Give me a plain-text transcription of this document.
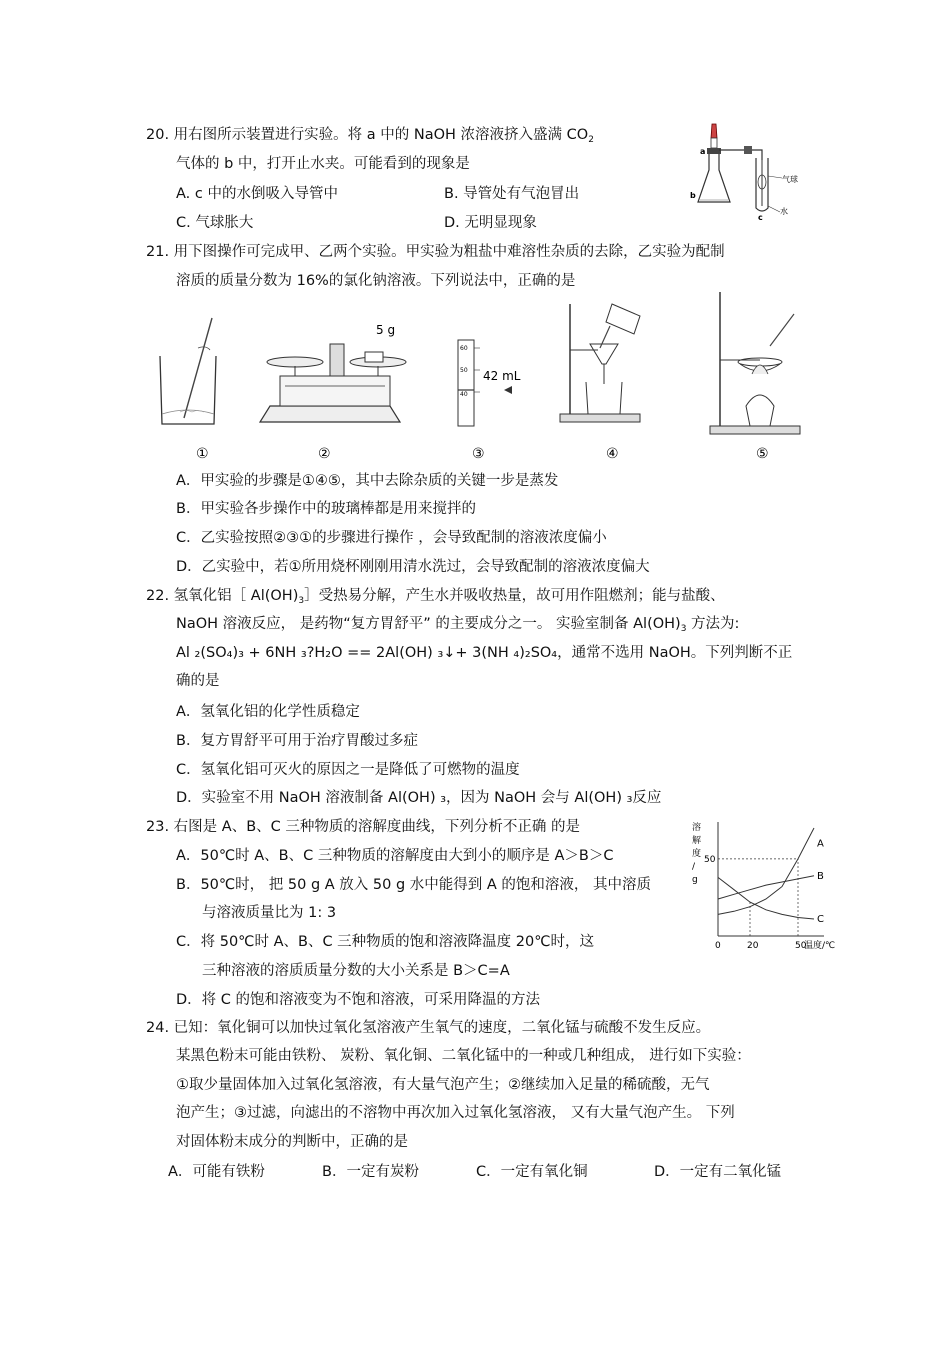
20. 用右图所示装置进行实验。将 a 中的 NaOH 浓溶液挤入盛满 $CO_2$
气体的 b 中，打开止水夹。可能看到的现象是
A. c 中的水倒吸入导管中	B. 导管处有气泡冒出
C. 气球胀大	D. 无明显现象
a
b
c
气球
水
21. 用下图操作可完成甲、乙两个实验。甲实验为粗盐中难溶性杂质的去除，乙实验为配制
溶质的质量分数为 16%的氯化钠溶液。下列说法中，正确的是
5 g
60
50
40
42 mL
①	②	③	④	⑤
A．甲实验的步骤是①④⑤，其中去除杂质的关键一步是蒸发
B．甲实验各步操作中的玻璃棒都是用来搅拌的
C．乙实验按照②③①的步骤进行操作 ，会导致配制的溶液浓度偏小
D．乙实验中，若①所用烧杯刚刚用清水洗过，会导致配制的溶液浓度偏大
22. 氢氧化铝［ $Al(OH)_3]$受热易分解，产生水并吸收热量，故可用作阻燃剂；能与盐酸、
NaOH 溶液反应， 是药物“复方胃舒平” 的主要成分之一。 实验室制备 $Al(OH)_3$ 方法为:
Al ₂(SO₄)₃ + 6NH ₃?H₂O == 2Al(OH) ₃↓+ 3(NH ₄)₂SO₄，通常不选用 NaOH。下列判断不正
确的是
A．氢氧化铝的化学性质稳定
B．复方胃舒平可用于治疗胃酸过多症
C．氢氧化铝可灭火的原因之一是降低了可燃物的温度
D．实验室不用 NaOH 溶液制备 Al(OH) ₃，因为 NaOH 会与 Al(OH) ₃反应
23. 右图是 A、B、C 三种物质的溶解度曲线，下列分析不正确 的是
A．50℃时 A、B、C 三种物质的溶解度由大到小的顺序是 A＞B＞C
B．50℃时， 把 50 g A 放入 50 g 水中能得到 A 的饱和溶液， 其中溶质
与溶液质量比为 1: 3
C．将 50℃时 A、B、C 三种物质的饱和溶液降温度 20℃时，这
三种溶液的溶质质量分数的大小关系是 B＞C=A
D．将 C 的饱和溶液变为不饱和溶液，可采用降温的方法
溶
解
度
/
g
温度/℃
0	20	50
50
A
B
C
24. 已知：氧化铜可以加快过氧化氢溶液产生氧气的速度，二氧化锰与硫酸不发生反应。
某黑色粉末可能由铁粉、 炭粉、氧化铜、二氧化锰中的一种或几种组成， 进行如下实验：
①取少量固体加入过氧化氢溶液，有大量气泡产生；②继续加入足量的稀硫酸，无气
泡产生；③过滤，向滤出的不溶物中再次加入过氧化氢溶液， 又有大量气泡产生。 下列
对固体粉末成分的判断中，正确的是
A．可能有铁粉	B．一定有炭粉	C．一定有氧化铜	D．一定有二氧化锰
